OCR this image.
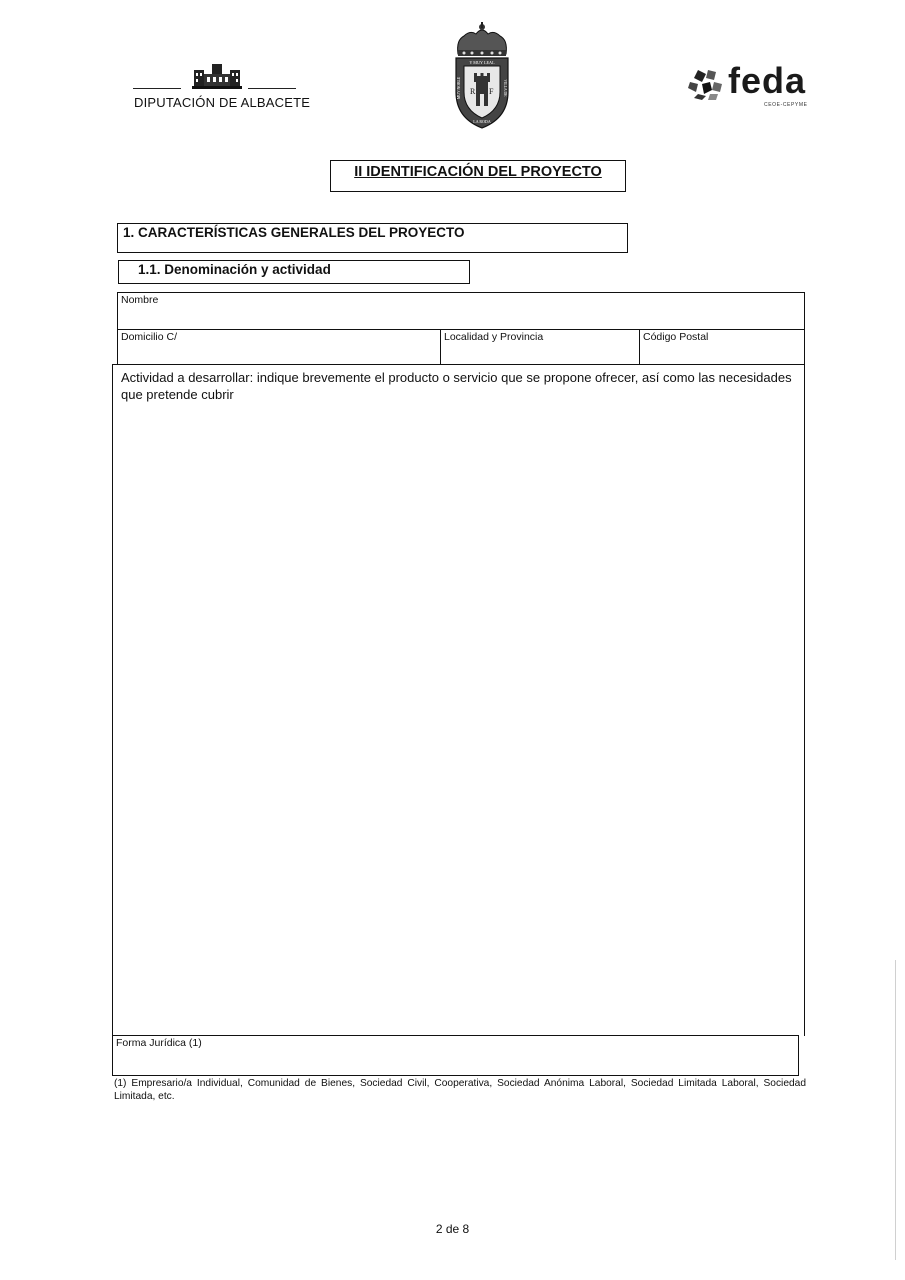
DIPUTACIÓN DE ALBACETE
R F
Y MUY LEAL
MUY NOBLE	VILLA DE
LA RODA
feda
CEOE-CEPYME
II IDENTIFICACIÓN DEL PROYECTO
1. CARACTERÍSTICAS GENERALES DEL PROYECTO
1.1. Denominación y actividad
Nombre
Domicilio C/	Localidad y Provincia	Código Postal
Actividad a desarrollar: indique brevemente el producto o servicio que se propone ofrecer, así como las necesidades que pretende cubrir
Forma Jurídica (1)
(1) Empresario/a Individual, Comunidad de Bienes, Sociedad Civil, Cooperativa, Sociedad Anónima Laboral, Sociedad Limitada Laboral, Sociedad Limitada, etc.
2 de 8
